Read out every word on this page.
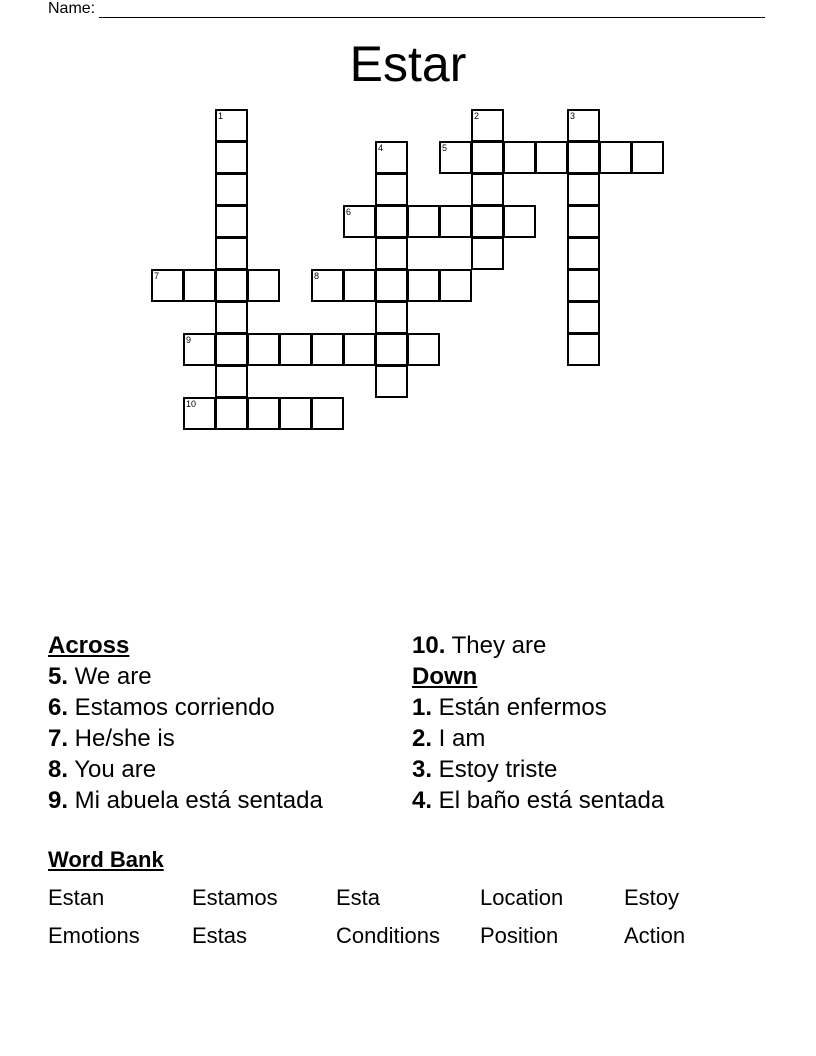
Name:
Estar
1	2	3
4	5
6
7	8
9
10
Across
5. We are
6. Estamos corriendo
7. He/she is
8. You are
9. Mi abuela está sentada
10. They are
Down
1. Están enfermos
2. I am
3. Estoy triste
4. El baño está sentada
Word Bank
Estan	Estamos	Esta	Location	Estoy
Emotions	Estas	Conditions	Position	Action
